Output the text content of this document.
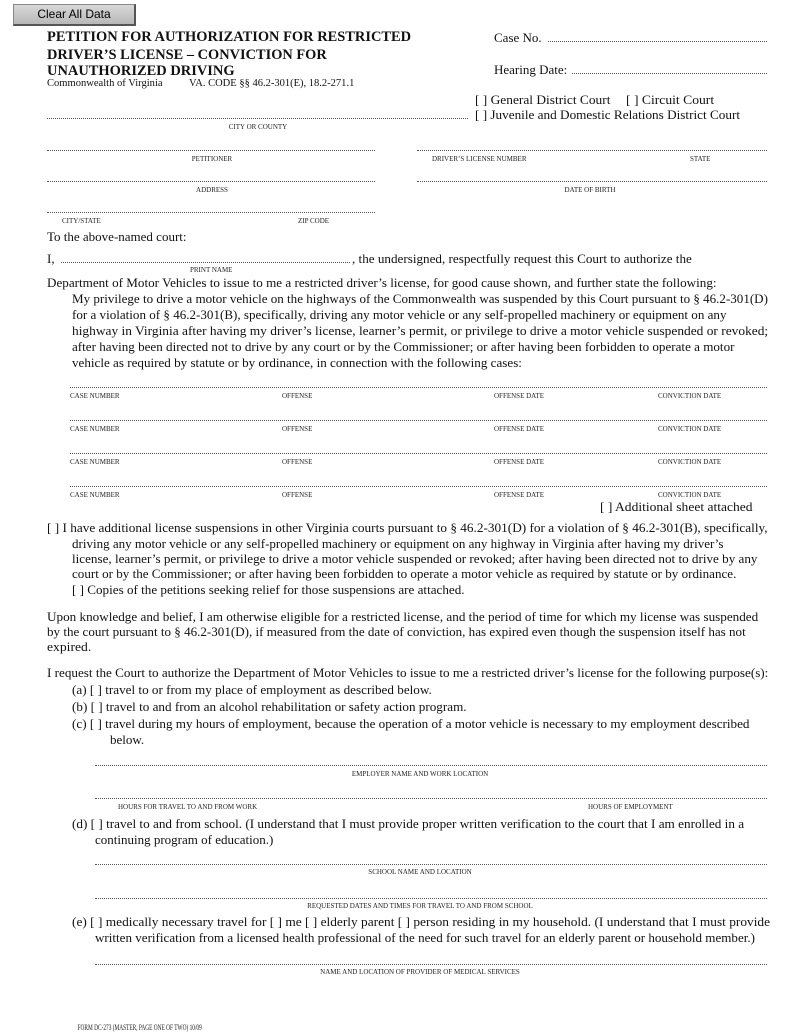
Clear All Data
PETITION FOR AUTHORIZATION FOR RESTRICTED
DRIVER’S LICENSE – CONVICTION FOR
UNAUTHORIZED DRIVING
Commonwealth of Virginia	VA. CODE §§ 46.2-301(E), 18.2-271.1
Case No.
Hearing Date:
[ ] General District Court [ ] Circuit Court
[ ] Juvenile and Domestic Relations District Court
CITY OR COUNTY
PETITIONER	DRIVER’S LICENSE NUMBER	STATE
ADDRESS	DATE OF BIRTH
CITY/STATE	ZIP CODE
To the above-named court:
I,	, the undersigned, respectfully request this Court to authorize the
PRINT NAME
Department of Motor Vehicles to issue to me a restricted driver’s license, for good cause shown, and further state the following:
My privilege to drive a motor vehicle on the highways of the Commonwealth was suspended by this Court pursuant to § 46.2-301(D)
for a violation of § 46.2-301(B), specifically, driving any motor vehicle or any self-propelled machinery or equipment on any
highway in Virginia after having my driver’s license, learner’s permit, or privilege to drive a motor vehicle suspended or revoked;
after having been directed not to drive by any court or by the Commissioner; or after having been forbidden to operate a motor
vehicle as required by statute or by ordinance, in connection with the following cases:
CASE NUMBER	OFFENSE	OFFENSE DATE	CONVICTION DATE
CASE NUMBER	OFFENSE	OFFENSE DATE	CONVICTION DATE
CASE NUMBER	OFFENSE	OFFENSE DATE	CONVICTION DATE
CASE NUMBER	OFFENSE	OFFENSE DATE	CONVICTION DATE
[ ] Additional sheet attached
[ ] I have additional license suspensions in other Virginia courts pursuant to § 46.2-301(D) for a violation of § 46.2-301(B), specifically,
driving any motor vehicle or any self-propelled machinery or equipment on any highway in Virginia after having my driver’s
license, learner’s permit, or privilege to drive a motor vehicle suspended or revoked; after having been directed not to drive by any
court or by the Commissioner; or after having been forbidden to operate a motor vehicle as required by statute or by ordinance.
[ ] Copies of the petitions seeking relief for those suspensions are attached.
Upon knowledge and belief, I am otherwise eligible for a restricted license, and the period of time for which my license was suspended
by the court pursuant to § 46.2-301(D), if measured from the date of conviction, has expired even though the suspension itself has not
expired.
I request the Court to authorize the Department of Motor Vehicles to issue to me a restricted driver’s license for the following purpose(s):
(a) [ ] travel to or from my place of employment as described below.
(b) [ ] travel to and from an alcohol rehabilitation or safety action program.
(c) [ ] travel during my hours of employment, because the operation of a motor vehicle is necessary to my employment described
below.
EMPLOYER NAME AND WORK LOCATION
HOURS FOR TRAVEL TO AND FROM WORK	HOURS OF EMPLOYMENT
(d) [ ] travel to and from school. (I understand that I must provide proper written verification to the court that I am enrolled in a
continuing program of education.)
SCHOOL NAME AND LOCATION
REQUESTED DATES AND TIMES FOR TRAVEL TO AND FROM SCHOOL
(e) [ ] medically necessary travel for [ ] me [ ] elderly parent [ ] person residing in my household. (I understand that I must provide
written verification from a licensed health professional of the need for such travel for an elderly parent or household member.)
NAME AND LOCATION OF PROVIDER OF MEDICAL SERVICES
FORM DC-273 (MASTER, PAGE ONE OF TWO) 10/09
